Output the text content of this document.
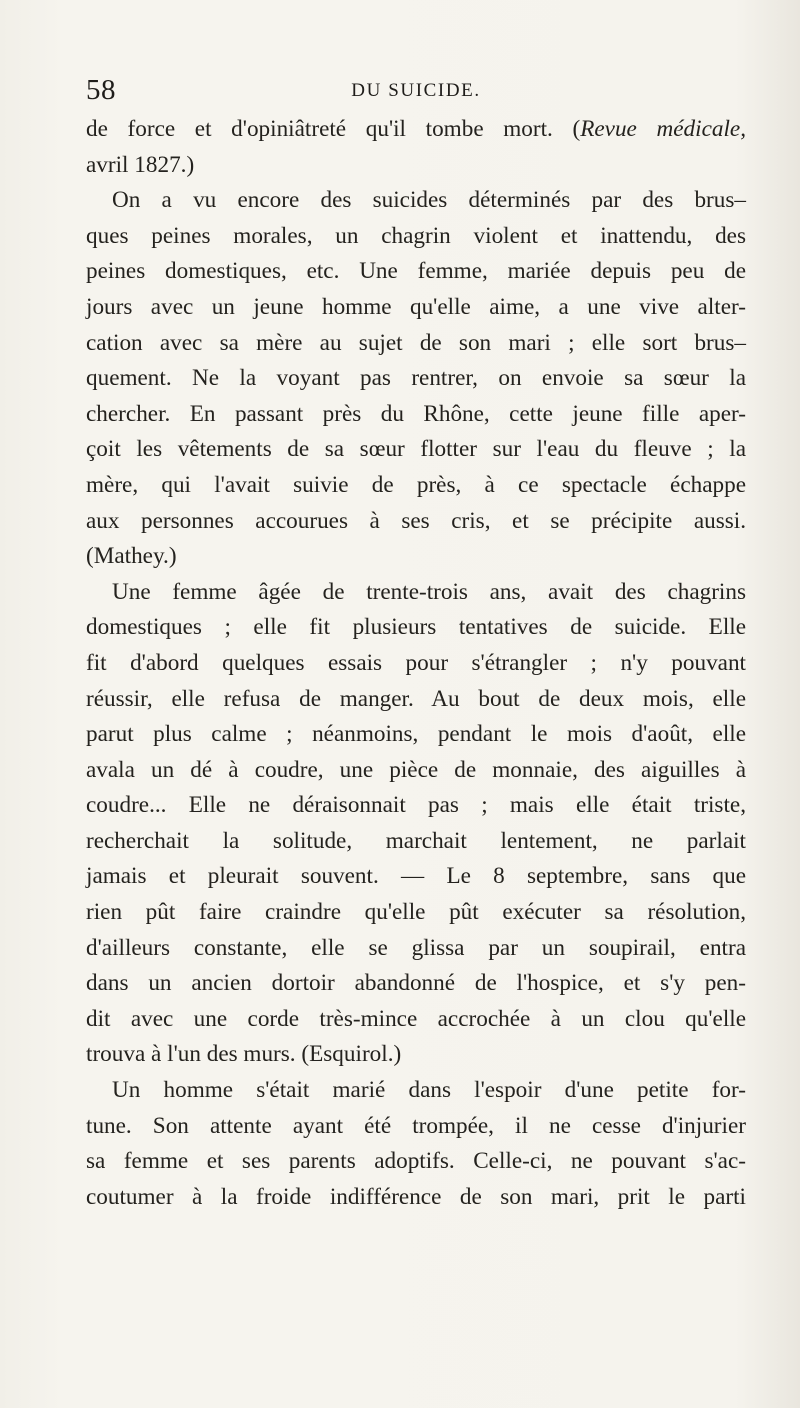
58	DU SUICIDE.
de force et d'opiniâtreté qu'il tombe mort. (Revue médicale,
avril 1827.)
On a vu encore des suicides déterminés par des brus–
ques peines morales, un chagrin violent et inattendu, des
peines domestiques, etc. Une femme, mariée depuis peu de
jours avec un jeune homme qu'elle aime, a une vive alter-
cation avec sa mère au sujet de son mari ; elle sort brus–
quement. Ne la voyant pas rentrer, on envoie sa sœur la
chercher. En passant près du Rhône, cette jeune fille aper-
çoit les vêtements de sa sœur flotter sur l'eau du fleuve ; la
mère, qui l'avait suivie de près, à ce spectacle échappe
aux personnes accourues à ses cris, et se précipite aussi.
(Mathey.)
Une femme âgée de trente-trois ans, avait des chagrins
domestiques ; elle fit plusieurs tentatives de suicide. Elle
fit d'abord quelques essais pour s'étrangler ; n'y pouvant
réussir, elle refusa de manger. Au bout de deux mois, elle
parut plus calme ; néanmoins, pendant le mois d'août, elle
avala un dé à coudre, une pièce de monnaie, des aiguilles à
coudre... Elle ne déraisonnait pas ; mais elle était triste,
recherchait la solitude, marchait lentement, ne parlait
jamais et pleurait souvent. — Le 8 septembre, sans que
rien pût faire craindre qu'elle pût exécuter sa résolution,
d'ailleurs constante, elle se glissa par un soupirail, entra
dans un ancien dortoir abandonné de l'hospice, et s'y pen-
dit avec une corde très-mince accrochée à un clou qu'elle
trouva à l'un des murs. (Esquirol.)
Un homme s'était marié dans l'espoir d'une petite for-
tune. Son attente ayant été trompée, il ne cesse d'injurier
sa femme et ses parents adoptifs. Celle-ci, ne pouvant s'ac-
coutumer à la froide indifférence de son mari, prit le parti
